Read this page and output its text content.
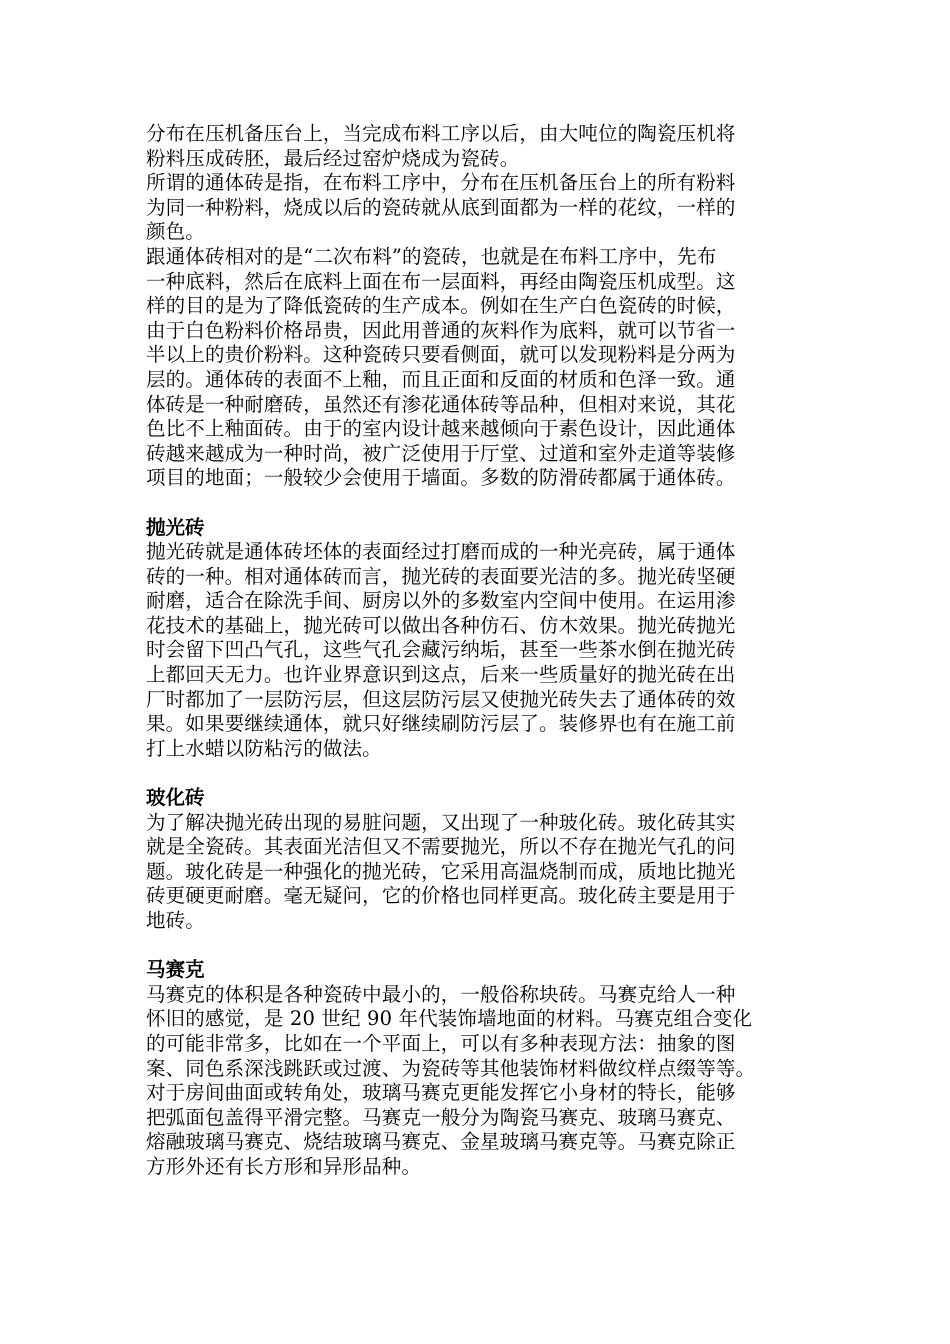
分布在压机备压台上，当完成布料工序以后，由大吨位的陶瓷压机将
粉料压成砖胚，最后经过窑炉烧成为瓷砖。

所谓的通体砖是指，在布料工序中，分布在压机备压台上的所有粉料
为同一种粉料，烧成以后的瓷砖就从底到面都为一样的花纹，一样的
颜色。

跟通体砖相对的是“二次布料”的瓷砖，也就是在布料工序中，先布
一种底料，然后在底料上面在布一层面料，再经由陶瓷压机成型。这
样的目的是为了降低瓷砖的生产成本。例如在生产白色瓷砖的时候，
由于白色粉料价格昂贵，因此用普通的灰料作为底料，就可以节省一
半以上的贵价粉料。这种瓷砖只要看侧面，就可以发现粉料是分两为
层的。通体砖的表面不上釉，而且正面和反面的材质和色泽一致。通
体砖是一种耐磨砖，虽然还有渗花通体砖等品种，但相对来说，其花
色比不上釉面砖。由于的室内设计越来越倾向于素色设计，因此通体
砖越来越成为一种时尚，被广泛使用于厅堂、过道和室外走道等装修
项目的地面；一般较少会使用于墙面。多数的防滑砖都属于通体砖。

抛光砖

抛光砖就是通体砖坯体的表面经过打磨而成的一种光亮砖，属于通体
砖的一种。相对通体砖而言，抛光砖的表面要光洁的多。抛光砖坚硬
耐磨，适合在除洗手间、厨房以外的多数室内空间中使用。在运用渗
花技术的基础上，抛光砖可以做出各种仿石、仿木效果。抛光砖抛光
时会留下凹凸气孔，这些气孔会藏污纳垢，甚至一些茶水倒在抛光砖
上都回天无力。也许业界意识到这点，后来一些质量好的抛光砖在出
厂时都加了一层防污层，但这层防污层又使抛光砖失去了通体砖的效
果。如果要继续通体，就只好继续刷防污层了。装修界也有在施工前
打上水蜡以防粘污的做法。

玻化砖

为了解决抛光砖出现的易脏问题，又出现了一种玻化砖。玻化砖其实
就是全瓷砖。其表面光洁但又不需要抛光，所以不存在抛光气孔的问
题。玻化砖是一种强化的抛光砖，它采用高温烧制而成，质地比抛光
砖更硬更耐磨。毫无疑问，它的价格也同样更高。玻化砖主要是用于
地砖。

马赛克

马赛克的体积是各种瓷砖中最小的，一般俗称块砖。马赛克给人一种
怀旧的感觉，是 20 世纪 90 年代装饰墙地面的材料。马赛克组合变化
的可能非常多，比如在一个平面上，可以有多种表现方法：抽象的图
案、同色系深浅跳跃或过渡、为瓷砖等其他装饰材料做纹样点缀等等。
对于房间曲面或转角处，玻璃马赛克更能发挥它小身材的特长，能够
把弧面包盖得平滑完整。马赛克一般分为陶瓷马赛克、玻璃马赛克、
熔融玻璃马赛克、烧结玻璃马赛克、金星玻璃马赛克等。马赛克除正
方形外还有长方形和异形品种。
